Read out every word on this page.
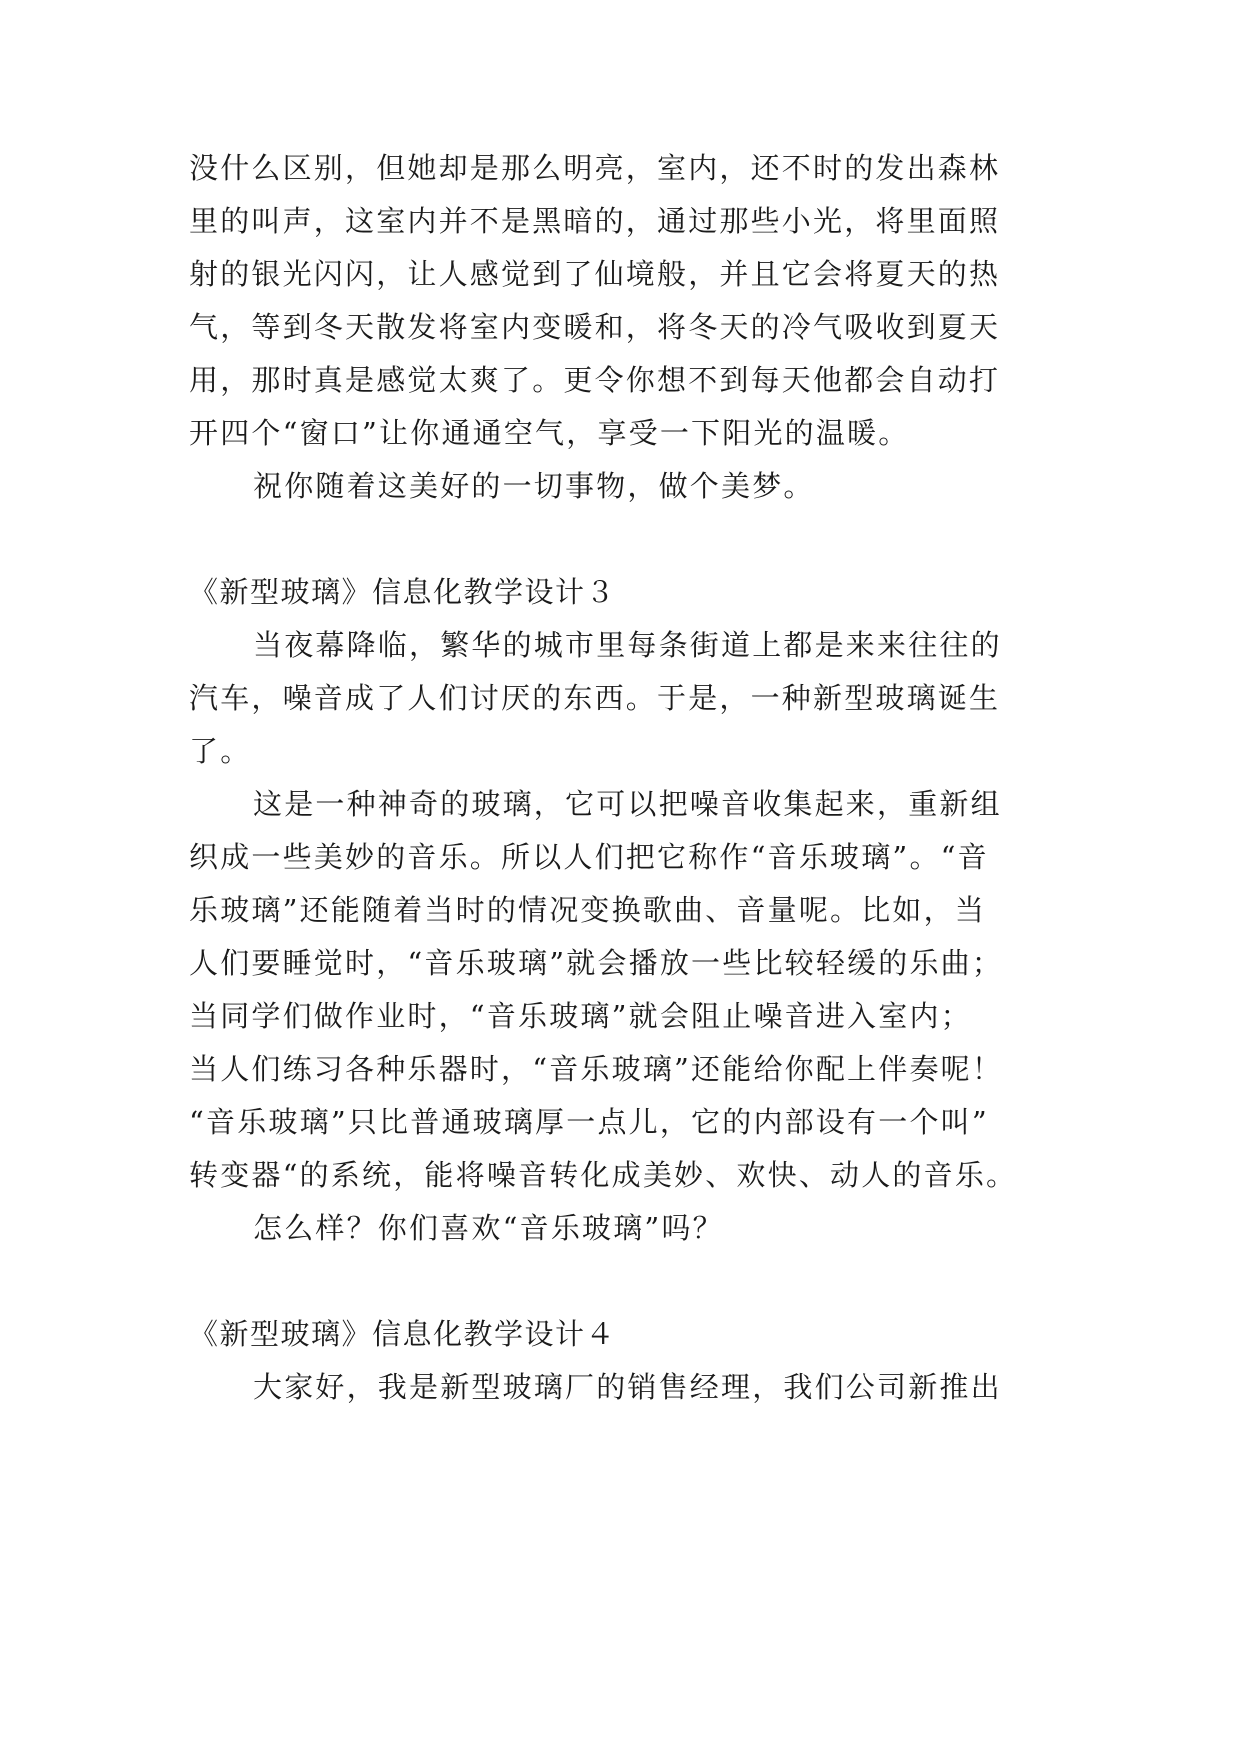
没什么区别，但她却是那么明亮，室内，还不时的发出森林
里的叫声，这室内并不是黑暗的，通过那些小光，将里面照
射的银光闪闪，让人感觉到了仙境般，并且它会将夏天的热
气，等到冬天散发将室内变暖和，将冬天的冷气吸收到夏天
用，那时真是感觉太爽了。更令你想不到每天他都会自动打
开四个“窗口”让你通通空气，享受一下阳光的温暖。
祝你随着这美好的一切事物，做个美梦。
《新型玻璃》信息化教学设计３
当夜幕降临，繁华的城市里每条街道上都是来来往往的
汽车，噪音成了人们讨厌的东西。于是，一种新型玻璃诞生
了。
这是一种神奇的玻璃，它可以把噪音收集起来，重新组
织成一些美妙的音乐。所以人们把它称作“音乐玻璃”。“音
乐玻璃”还能随着当时的情况变换歌曲、音量呢。比如，当
人们要睡觉时，“音乐玻璃”就会播放一些比较轻缓的乐曲；
当同学们做作业时，“音乐玻璃”就会阻止噪音进入室内；
当人们练习各种乐器时，“音乐玻璃”还能给你配上伴奏呢！
“音乐玻璃”只比普通玻璃厚一点儿，它的内部设有一个叫”
转变器“的系统，能将噪音转化成美妙、欢快、动人的音乐。
怎么样？你们喜欢“音乐玻璃”吗？
《新型玻璃》信息化教学设计４
大家好，我是新型玻璃厂的销售经理，我们公司新推出
